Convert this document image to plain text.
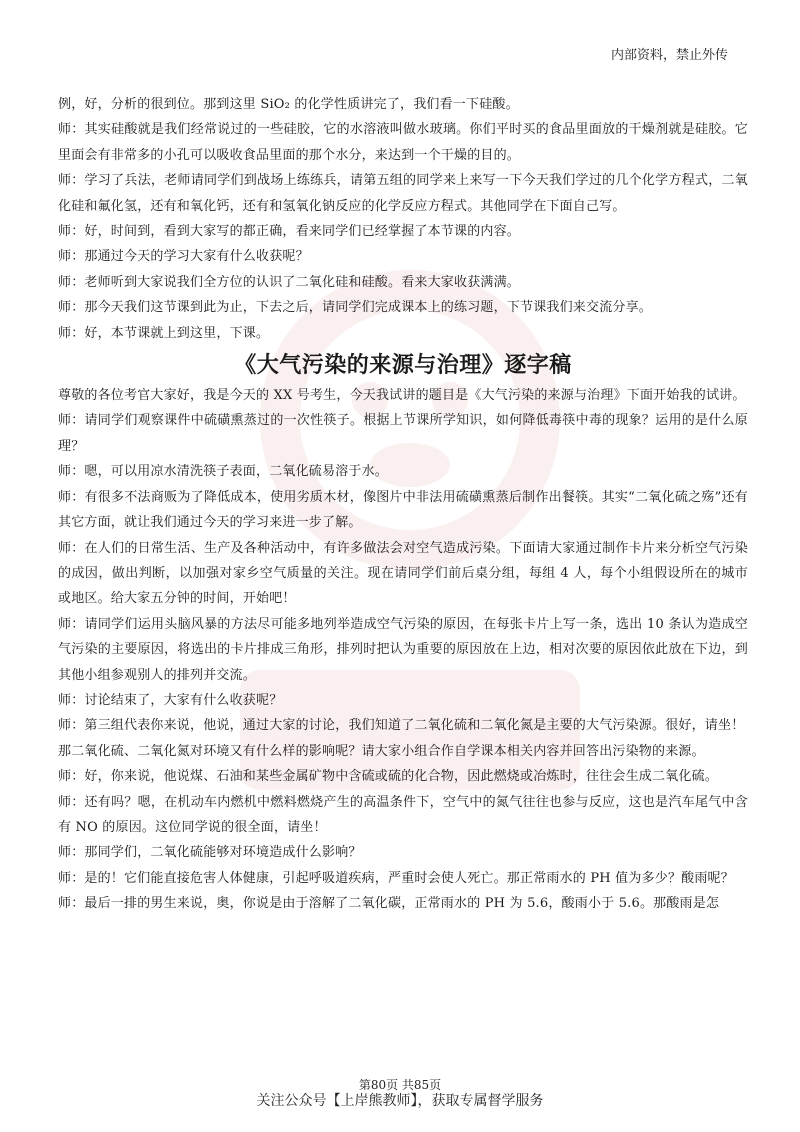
内部资料，禁止外传

例，好，分析的很到位。那到这里 SiO₂ 的化学性质讲完了，我们看一下硅酸。

师：其实硅酸就是我们经常说过的一些硅胶，它的水溶液叫做水玻璃。你们平时买的食品里面放的干燥剂就是硅胶。它里面会有非常多的小孔可以吸收食品里面的那个水分，来达到一个干燥的目的。

师：学习了兵法，老师请同学们到战场上练练兵，请第五组的同学来上来写一下今天我们学过的几个化学方程式，二氧化硅和氟化氢，还有和氧化钙，还有和氢氧化钠反应的化学反应方程式。其他同学在下面自己写。

师：好，时间到，看到大家写的都正确，看来同学们已经掌握了本节课的内容。

师：那通过今天的学习大家有什么收获呢？

师：老师听到大家说我们全方位的认识了二氧化硅和硅酸。看来大家收获满满。

师：那今天我们这节课到此为止，下去之后，请同学们完成课本上的练习题，下节课我们来交流分享。

师：好，本节课就上到这里，下课。

《大气污染的来源与治理》逐字稿

尊敬的各位考官大家好，我是今天的 XX 号考生，今天我试讲的题目是《大气污染的来源与治理》下面开始我的试讲。

师：请同学们观察课件中硫磺熏蒸过的一次性筷子。根据上节课所学知识，如何降低毒筷中毒的现象？运用的是什么原理？

师：嗯，可以用凉水清洗筷子表面，二氧化硫易溶于水。

师：有很多不法商贩为了降低成本，使用劣质木材，像图片中非法用硫磺熏蒸后制作出餐筷。其实“二氧化硫之殇”还有其它方面，就让我们通过今天的学习来进一步了解。

师：在人们的日常生活、生产及各种活动中，有许多做法会对空气造成污染。下面请大家通过制作卡片来分析空气污染的成因，做出判断，以加强对家乡空气质量的关注。现在请同学们前后桌分组，每组 4 人，每个小组假设所在的城市或地区。给大家五分钟的时间，开始吧！

师：请同学们运用头脑风暴的方法尽可能多地列举造成空气污染的原因，在每张卡片上写一条，选出 10 条认为造成空气污染的主要原因，将选出的卡片排成三角形，排列时把认为重要的原因放在上边，相对次要的原因依此放在下边，到其他小组参观别人的排列并交流。

师：讨论结束了，大家有什么收获呢？

师：第三组代表你来说，他说，通过大家的讨论，我们知道了二氧化硫和二氧化氮是主要的大气污染源。很好，请坐！

那二氧化硫、二氧化氮对环境又有什么样的影响呢？请大家小组合作自学课本相关内容并回答出污染物的来源。

师：好，你来说，他说煤、石油和某些金属矿物中含硫或硫的化合物，因此燃烧或冶炼时，往往会生成二氧化硫。

师：还有吗？嗯，在机动车内燃机中燃料燃烧产生的高温条件下，空气中的氮气往往也参与反应，这也是汽车尾气中含有 NO 的原因。这位同学说的很全面，请坐！

师：那同学们，二氧化硫能够对环境造成什么影响？

师：是的！它们能直接危害人体健康，引起呼吸道疾病，严重时会使人死亡。那正常雨水的 PH 值为多少？酸雨呢？

师：最后一排的男生来说，奥，你说是由于溶解了二氧化碳，正常雨水的 PH 为 5.6，酸雨小于 5.6。那酸雨是怎

第80页 共85页
关注公众号【上岸熊教师】，获取专属督学服务
